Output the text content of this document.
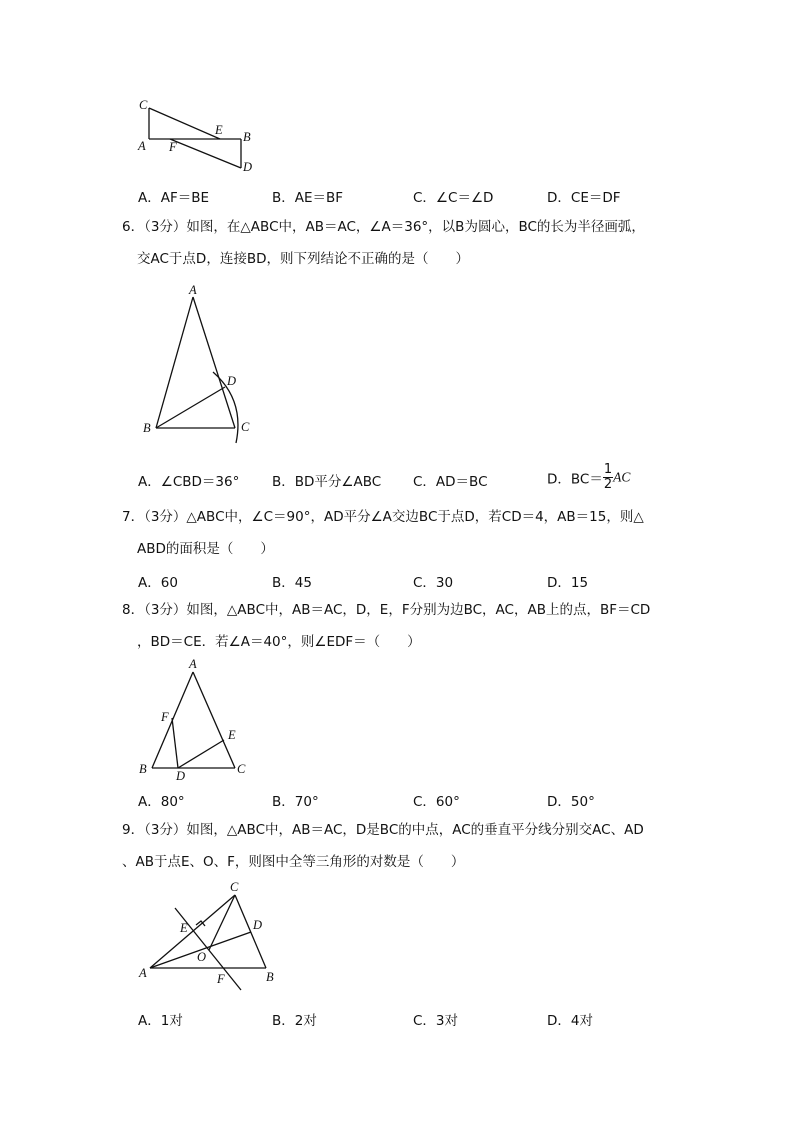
C
A F
E B
D
A．AF＝BE	B．AE＝BF	C．∠C＝∠D	D．CE＝DF
6．（3分）如图，在△ABC中，AB＝AC，∠A＝36°，以B为圆心，BC的长为半径画弧，
交AC于点D，连接BD，则下列结论不正确的是（　　）
A
D
B	C
A．∠CBD＝36° B．BD平分∠ABC C．AD＝BC	D．$BC= \frac{1}{2}$ AC
7．（3分）△ABC中，∠C＝90°，AD平分∠A交边BC于点D，若CD＝4，AB＝15，则△
ABD的面积是（　　）
A．60	B．45	C．30	D．15
8．（3分）如图，△ABC中，AB＝AC，D，E，F分别为边BC，AC，AB上的点，BF＝CD
，BD＝CE．若∠A＝40°，则∠EDF＝（　　）
A
F
E
B D	C
A．80°	B．70°	C．60°	D．50°
9．（3分）如图，△ABC中，AB＝AC，D是BC的中点，AC的垂直平分线分别交AC、AD
、AB于点E、O、F，则图中全等三角形的对数是（　　）
C
D
E
O
A	F	B
A．1对	B．2对	C．3对	D．4对
